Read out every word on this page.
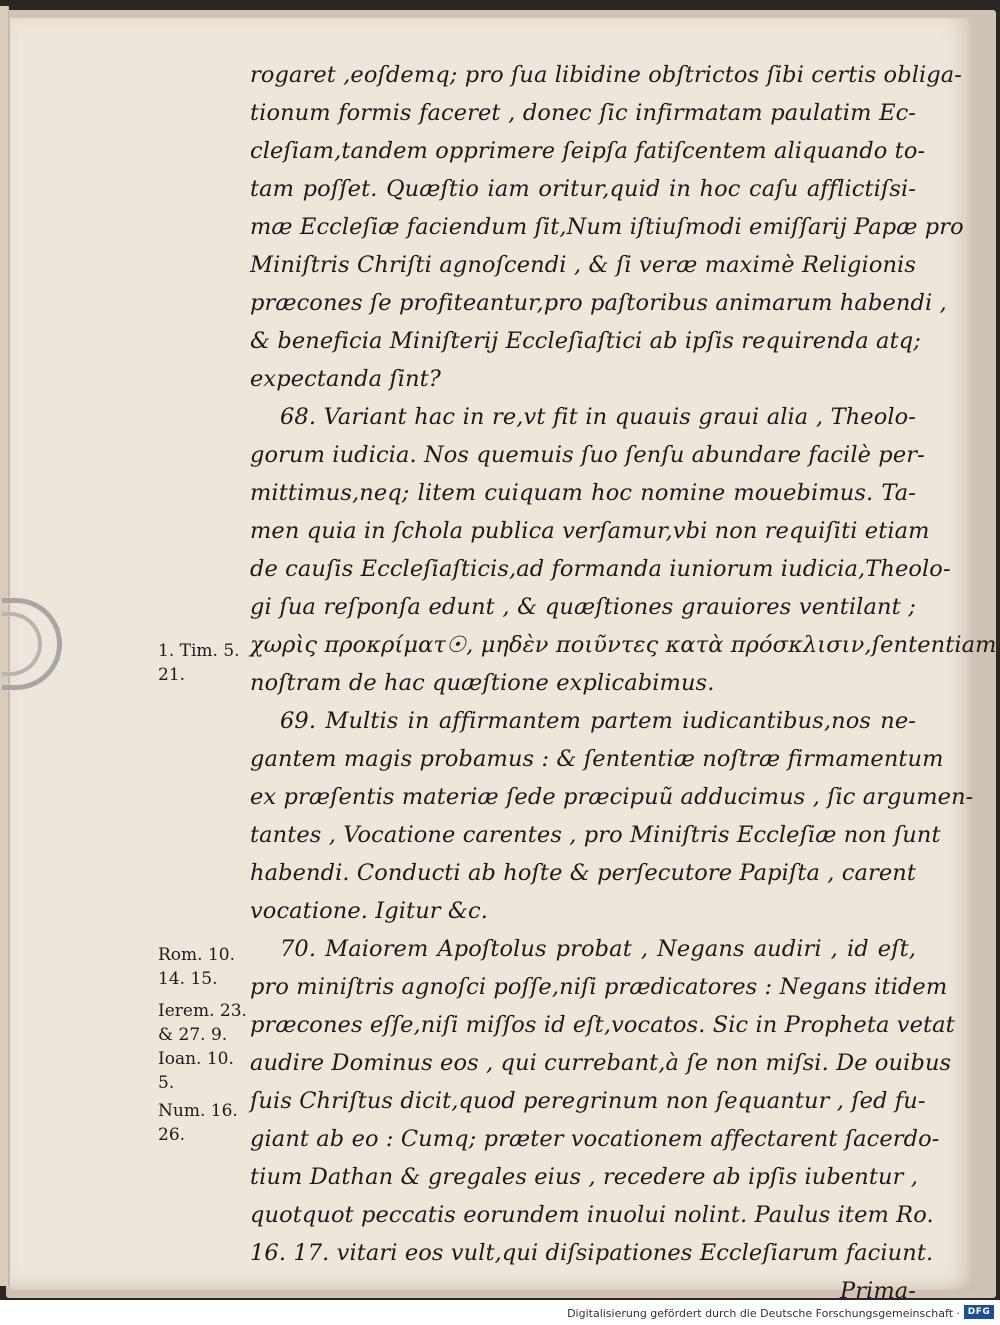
rogaret ,eoſdemq; pro ſua libidine obſtrictos ſibi certis obliga-
tionum formis faceret , donec ſic infirmatam paulatim Ec-
cleſiam,tandem opprimere ſeipſa fatiſcentem aliquando to-
tam poſſet. Quæſtio iam oritur,quid in hoc caſu afflictiſsi-
mæ Eccleſiæ faciendum ſit,Num iſtiuſmodi emiſſarij Papæ pro
Miniſtris Chriſti agnoſcendi , & ſi veræ maximè Religionis
præcones ſe profiteantur,pro paſtoribus animarum habendi ,
& beneficia Miniſterij Eccleſiaſtici ab ipſis requirenda atq;
expectanda ſint?
68. Variant hac in re,vt fit in quauis graui alia , Theolo-
gorum iudicia. Nos quemuis ſuo ſenſu abundare facilè per-
mittimus,neq; litem cuiquam hoc nomine mouebimus. Ta-
men quia in ſchola publica verſamur,vbi non requiſiti etiam
de cauſis Eccleſiaſticis,ad formanda iuniorum iudicia,Theolo-
gi ſua reſponſa edunt , & quæſtiones grauiores ventilant ;
χωρὶς προκρίματ☉, μηδὲν ποιῦντες κατὰ πρόσκλισιν,ſententiam
noſtram de hac quæſtione explicabimus.
69. Multis in affirmantem partem iudicantibus,nos ne-
gantem magis probamus : & ſententiæ noſtræ firmamentum
ex præſentis materiæ ſede præcipuũ adducimus , ſic argumen-
tantes , Vocatione carentes , pro Miniſtris Eccleſiæ non ſunt
habendi. Conducti ab hoſte & perſecutore Papiſta , carent
vocatione. Igitur &c.
70. Maiorem Apoſtolus probat , Negans audiri , id eſt,
pro miniſtris agnoſci poſſe,niſi prædicatores : Negans itidem
præcones eſſe,niſi miſſos id eſt,vocatos. Sic in Propheta vetat
audire Dominus eos , qui currebant,à ſe non miſsi. De ouibus
ſuis Chriſtus dicit,quod peregrinum non ſequantur , ſed fu-
giant ab eo : Cumq; præter vocationem affectarent ſacerdo-
tium Dathan & gregales eius , recedere ab ipſis iubentur ,
quotquot peccatis eorundem inuolui nolint. Paulus item Ro.
16. 17. vitari eos vult,qui diſsipationes Eccleſiarum faciunt.
Prima-
1. Tim. 5.
21.
Rom. 10.
14. 15.
Ierem. 23.
& 27. 9.
Ioan. 10.
5.
Num. 16.
26.
Digitalisierung gefördert durch die Deutsche Forschungsgemeinschaft · DFG
